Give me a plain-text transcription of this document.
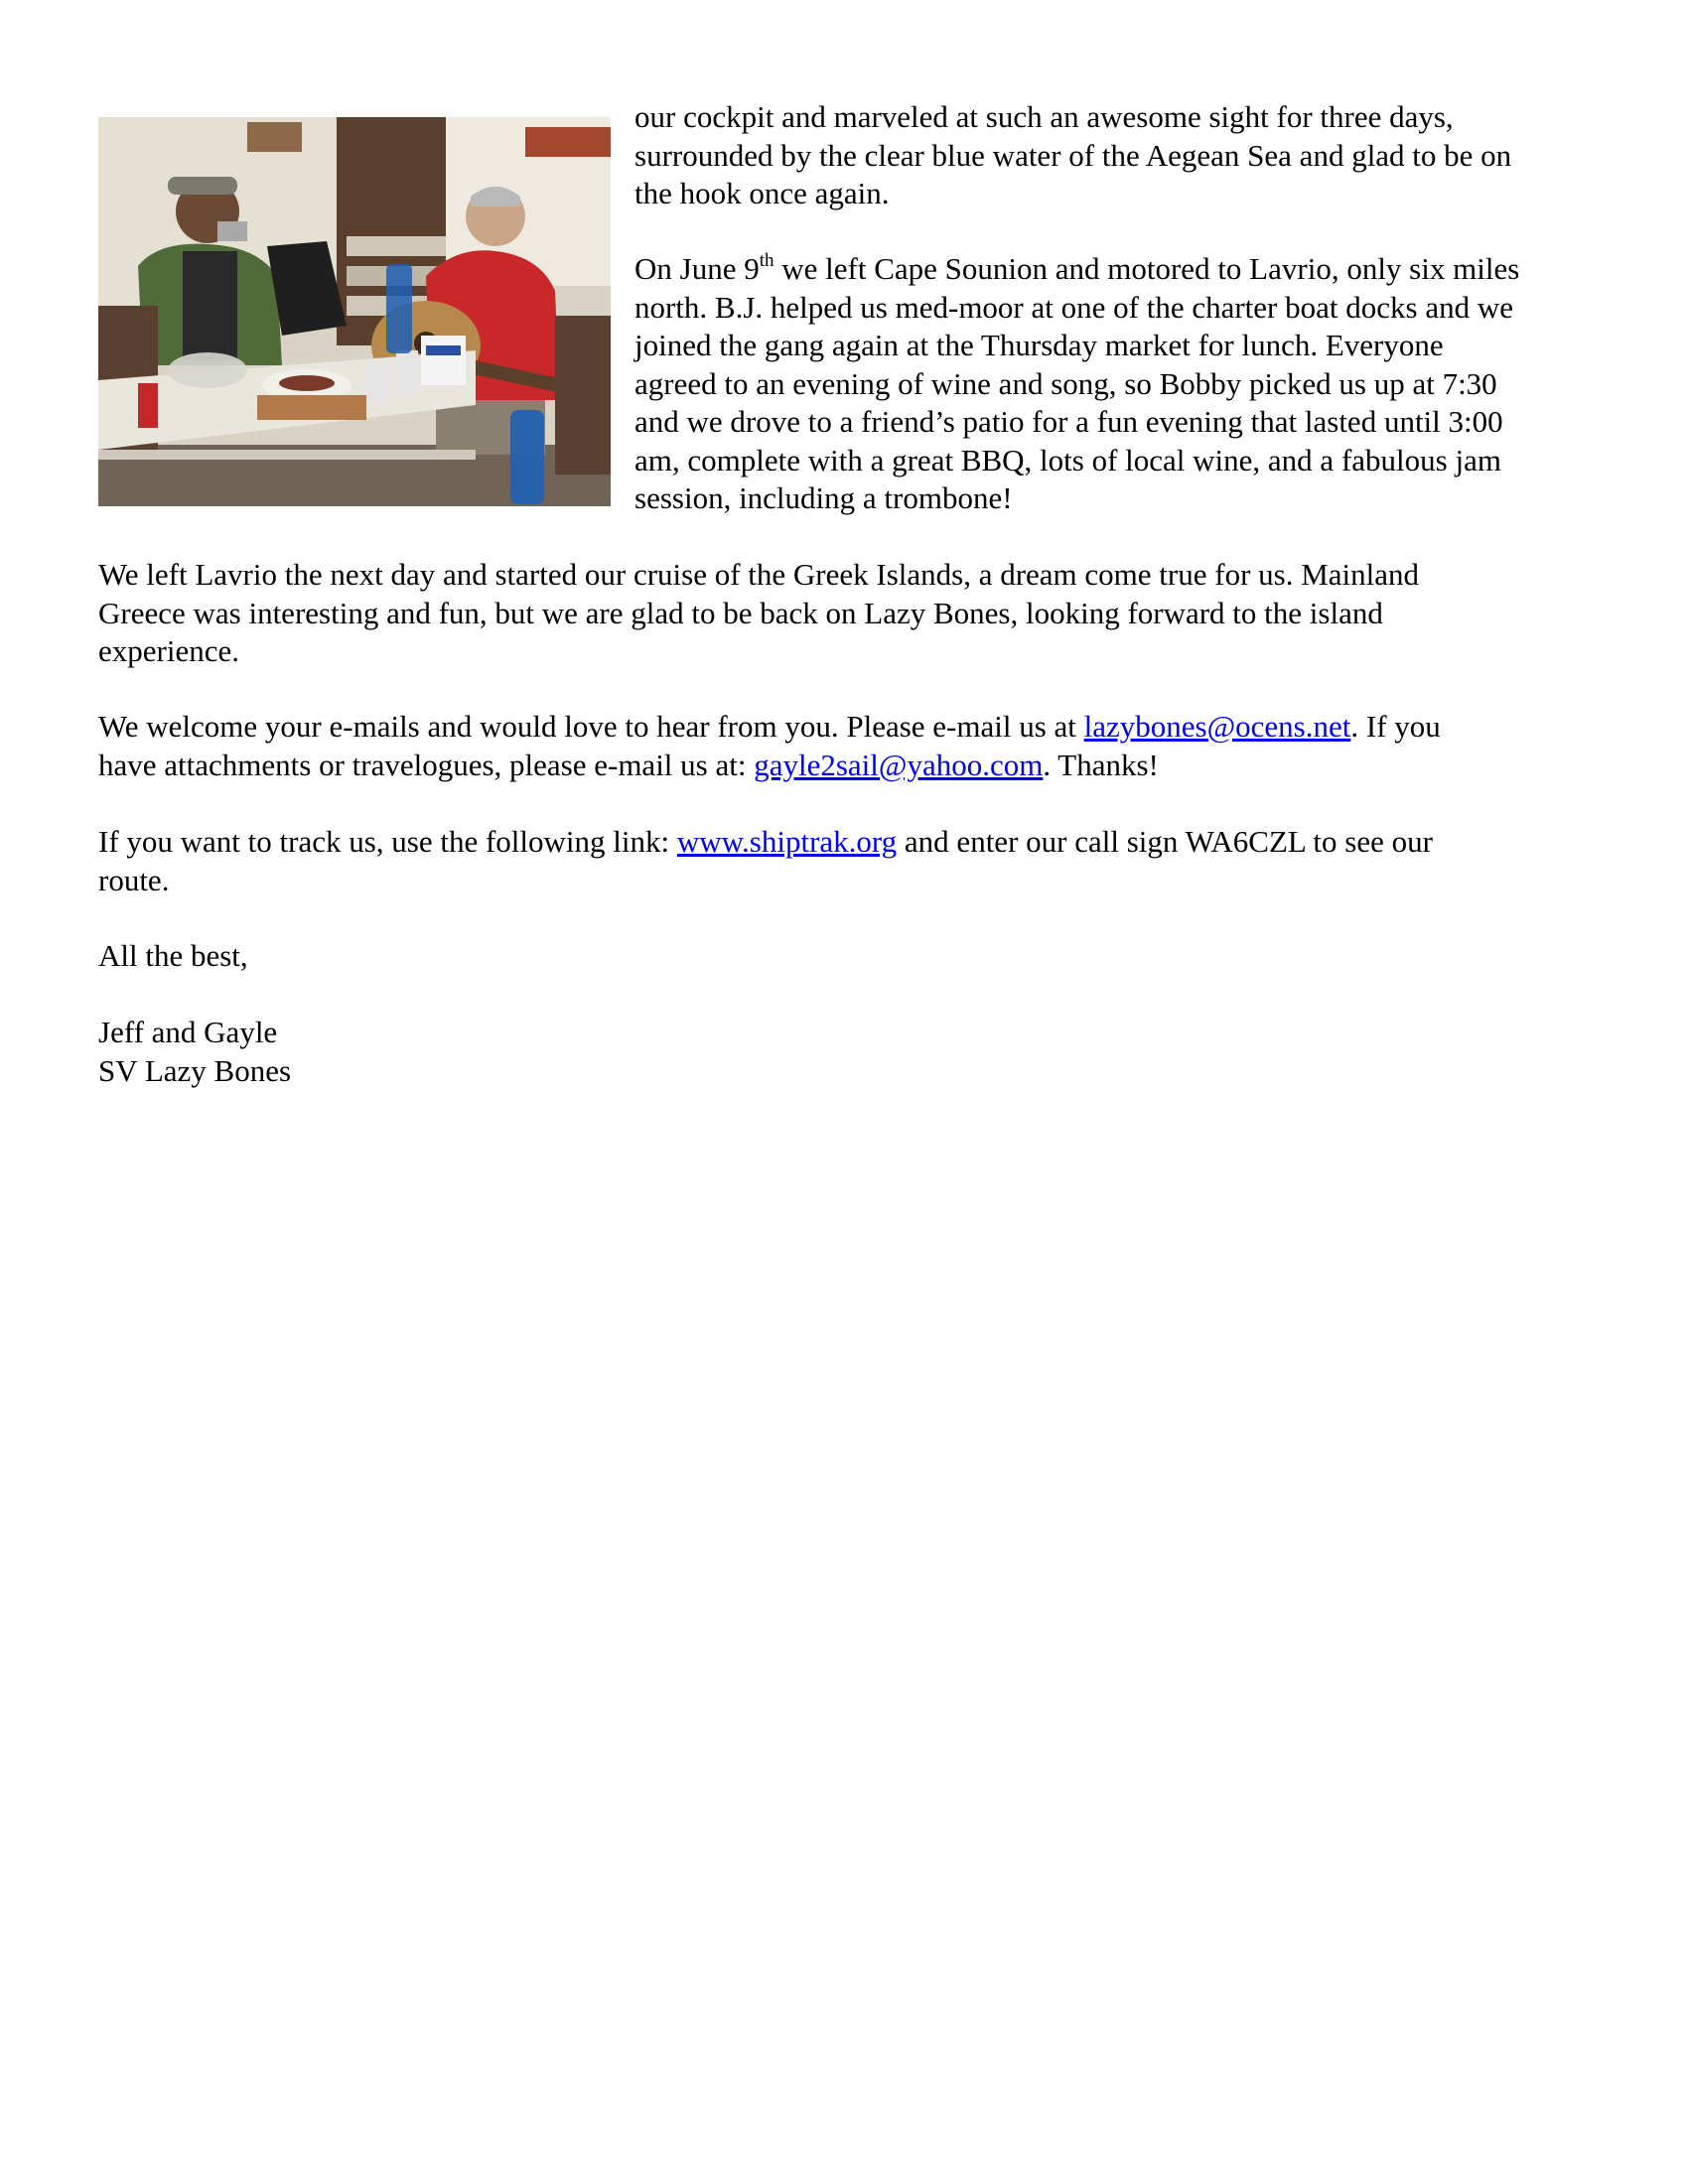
our cockpit and marveled at such an awesome sight for three days,
surrounded by the clear blue water of the Aegean Sea and glad to be on
the hook once again.

On June 9th we left Cape Sounion and motored to Lavrio, only six miles
north. B.J. helped us med-moor at one of the charter boat docks and we
joined the gang again at the Thursday market for lunch. Everyone
agreed to an evening of wine and song, so Bobby picked us up at 7:30
and we drove to a friend’s patio for a fun evening that lasted until 3:00
am, complete with a great BBQ, lots of local wine, and a fabulous jam
session, including a trombone!

We left Lavrio the next day and started our cruise of the Greek Islands, a dream come true for us. Mainland
Greece was interesting and fun, but we are glad to be back on Lazy Bones, looking forward to the island
experience.

We welcome your e-mails and would love to hear from you. Please e-mail us at lazybones@ocens.net. If you
have attachments or travelogues, please e-mail us at: gayle2sail@yahoo.com. Thanks!

If you want to track us, use the following link: www.shiptrak.org and enter our call sign WA6CZL to see our
route.

All the best,

Jeff and Gayle
SV Lazy Bones
